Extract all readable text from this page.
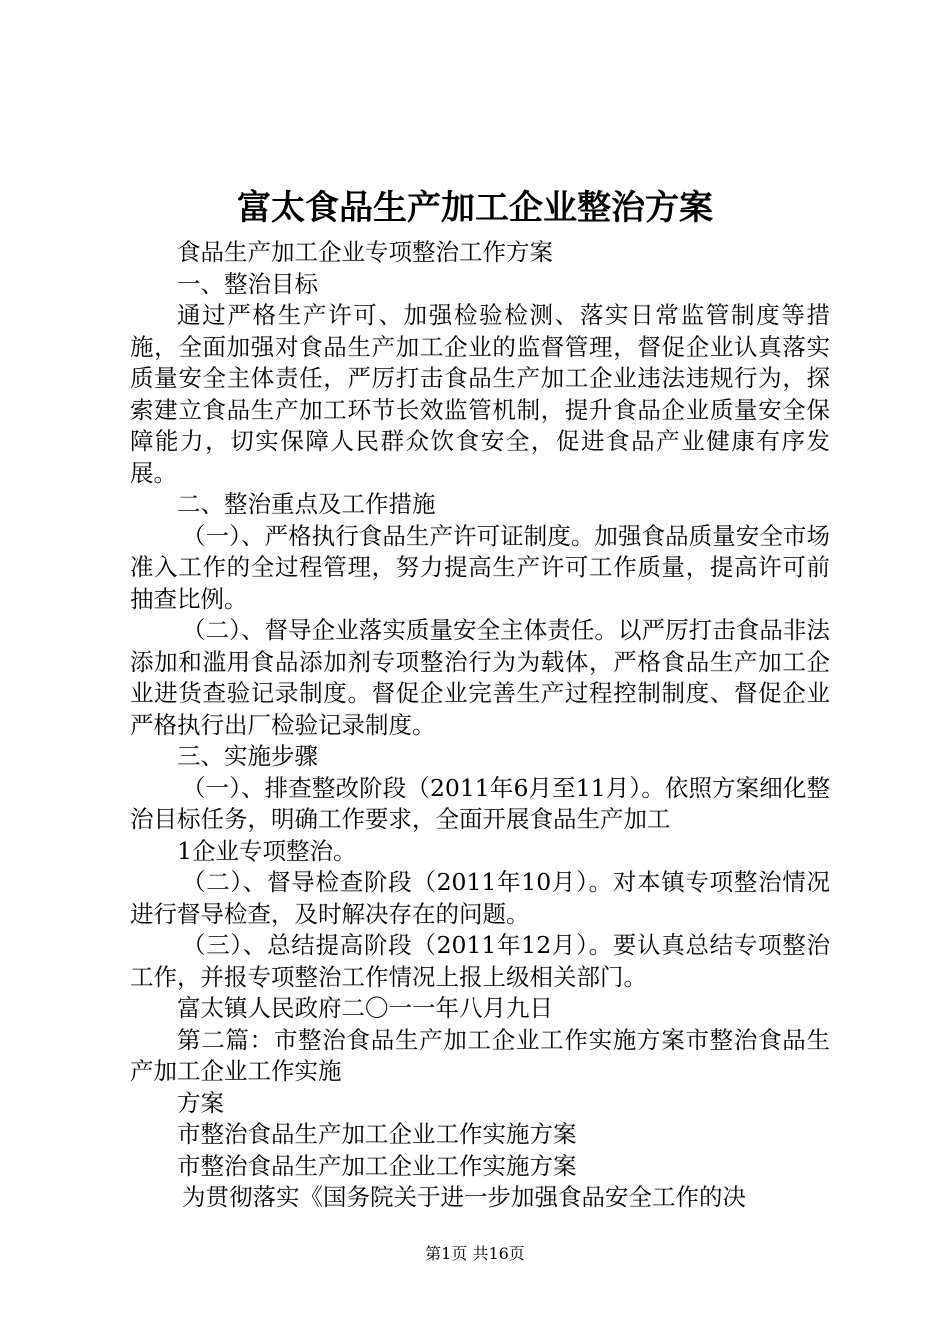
富太食品生产加工企业整治方案

食品生产加工企业专项整治工作方案

一、整治目标

通过严格生产许可、加强检验检测、落实日常监管制度等措施，全面加强对食品生产加工企业的监督管理，督促企业认真落实质量安全主体责任，严厉打击食品生产加工企业违法违规行为，探索建立食品生产加工环节长效监管机制，提升食品企业质量安全保障能力，切实保障人民群众饮食安全，促进食品产业健康有序发展。

二、整治重点及工作措施

（一）、严格执行食品生产许可证制度。加强食品质量安全市场准入工作的全过程管理，努力提高生产许可工作质量，提高许可前抽查比例。

（二）、督导企业落实质量安全主体责任。以严厉打击食品非法添加和滥用食品添加剂专项整治行为为载体，严格食品生产加工企业进货查验记录制度。督促企业完善生产过程控制制度、督促企业严格执行出厂检验记录制度。

三、实施步骤

（一）、排查整改阶段（2011年6月至11月）。依照方案细化整治目标任务，明确工作要求，全面开展食品生产加工

1企业专项整治。

（二）、督导检查阶段（2011年10月）。对本镇专项整治情况进行督导检查，及时解决存在的问题。

（三）、总结提高阶段（2011年12月）。要认真总结专项整治工作，并报专项整治工作情况上报上级相关部门。

富太镇人民政府二〇一一年八月九日

第二篇：市整治食品生产加工企业工作实施方案市整治食品生产加工企业工作实施

方案

市整治食品生产加工企业工作实施方案

市整治食品生产加工企业工作实施方案

为贯彻落实《国务院关于进一步加强食品安全工作的决

第1页 共16页
